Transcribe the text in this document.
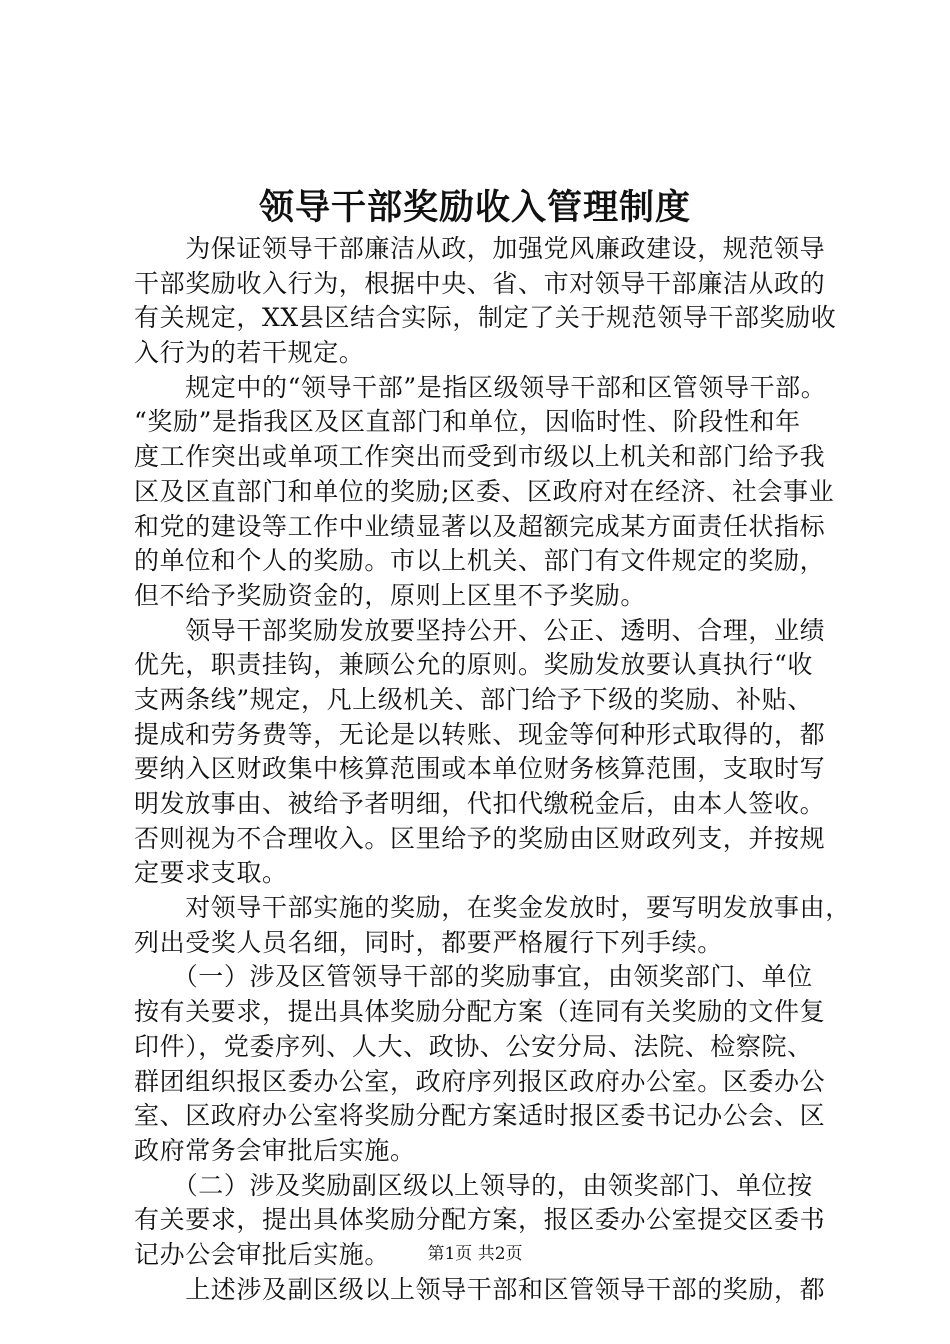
领导干部奖励收入管理制度
　　为保证领导干部廉洁从政，加强党风廉政建设，规范领导
干部奖励收入行为，根据中央、省、市对领导干部廉洁从政的
有关规定，XX县区结合实际，制定了关于规范领导干部奖励收
入行为的若干规定。
　　规定中的“领导干部”是指区级领导干部和区管领导干部。
“奖励”是指我区及区直部门和单位，因临时性、阶段性和年
度工作突出或单项工作突出而受到市级以上机关和部门给予我
区及区直部门和单位的奖励;区委、区政府对在经济、社会事业
和党的建设等工作中业绩显著以及超额完成某方面责任状指标
的单位和个人的奖励。市以上机关、部门有文件规定的奖励，
但不给予奖励资金的，原则上区里不予奖励。
　　领导干部奖励发放要坚持公开、公正、透明、合理，业绩
优先，职责挂钩，兼顾公允的原则。奖励发放要认真执行“收
支两条线”规定，凡上级机关、部门给予下级的奖励、补贴、
提成和劳务费等，无论是以转账、现金等何种形式取得的，都
要纳入区财政集中核算范围或本单位财务核算范围，支取时写
明发放事由、被给予者明细，代扣代缴税金后，由本人签收。
否则视为不合理收入。区里给予的奖励由区财政列支，并按规
定要求支取。
　　对领导干部实施的奖励，在奖金发放时，要写明发放事由，
列出受奖人员名细，同时，都要严格履行下列手续。
　　（一）涉及区管领导干部的奖励事宜，由领奖部门、单位
按有关要求，提出具体奖励分配方案（连同有关奖励的文件复
印件），党委序列、人大、政协、公安分局、法院、检察院、
群团组织报区委办公室，政府序列报区政府办公室。区委办公
室、区政府办公室将奖励分配方案适时报区委书记办公会、区
政府常务会审批后实施。
　　（二）涉及奖励副区级以上领导的，由领奖部门、单位按
有关要求，提出具体奖励分配方案，报区委办公室提交区委书
记办公会审批后实施。
　　上述涉及副区级以上领导干部和区管领导干部的奖励，都
第1页 共2页
